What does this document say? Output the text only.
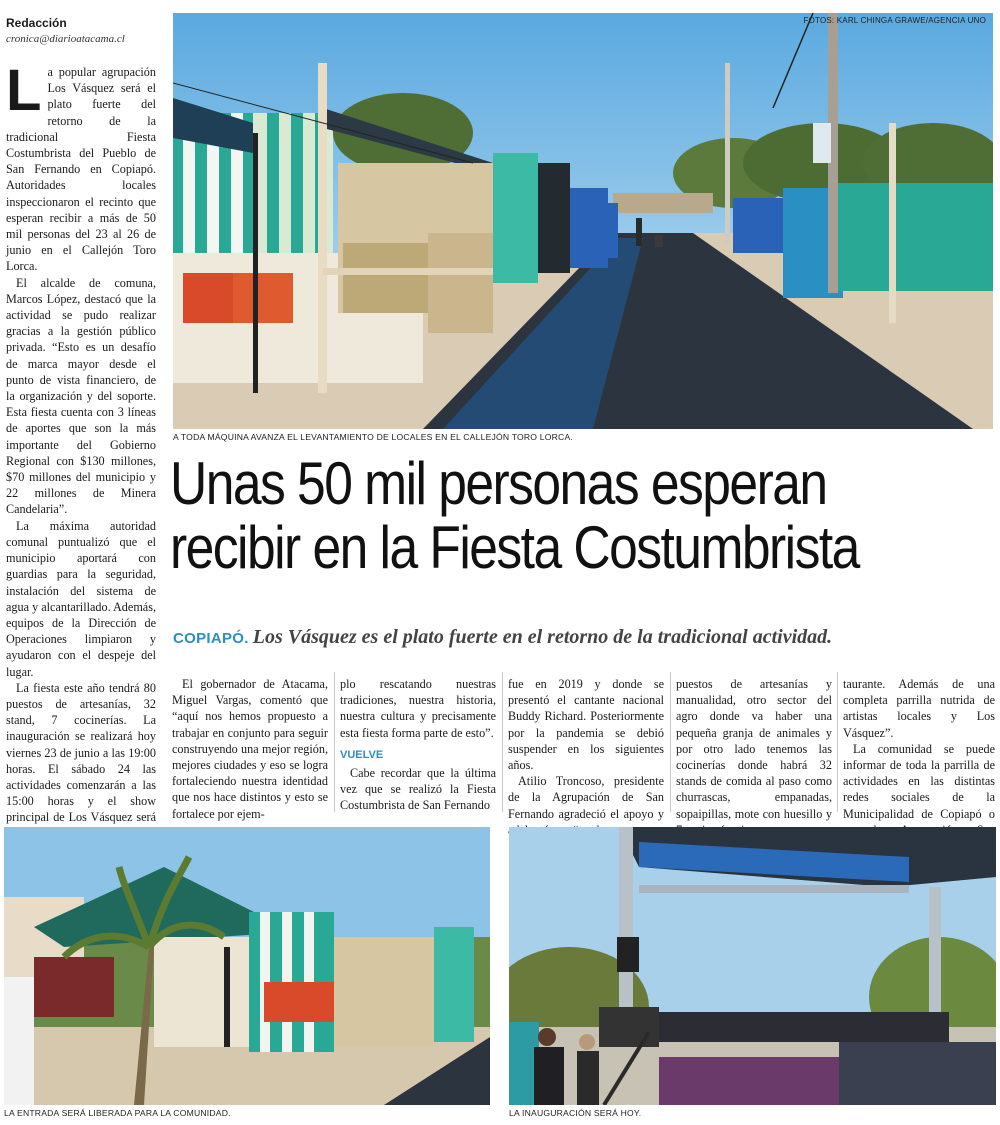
Redacción
cronica@diarioatacama.cl

La popular agrupación Los Vásquez será el plato fuerte del retorno de la tradicional Fiesta Costumbrista del Pueblo de San Fernando en Copiapó. Autoridades locales inspeccionaron el recinto que esperan recibir a más de 50 mil personas del 23 al 26 de junio en el Callejón Toro Lorca.

El alcalde de comuna, Marcos López, destacó que la actividad se pudo realizar gracias a la gestión público privada. “Esto es un desafío de marca mayor desde el punto de vista financiero, de la organización y del soporte. Esta fiesta cuenta con 3 líneas de aportes que son la más importante del Gobierno Regional con $130 millones, $70 millones del municipio y 22 millones de Minera Candelaria”.

La máxima autoridad comunal puntualizó que el municipio aportará con guardias para la seguridad, instalación del sistema de agua y alcantarillado. Además, equipos de la Dirección de Operaciones limpiaron y ayudaron con el despeje del lugar.

La fiesta este año tendrá 80 puestos de artesanías, 32 stand, 7 cocinerías. La inauguración se realizará hoy viernes 23 de junio a las 19:00 horas. El sábado 24 las actividades comenzarán a las 15:00 horas y el show principal de Los Vásquez será

FOTOS: KARL CHINGA GRAWE/AGENCIA UNO
A TODA MÁQUINA AVANZA EL LEVANTAMIENTO DE LOCALES EN EL CALLEJÓN TORO LORCA.
Unas 50 mil personas esperan
recibir en la Fiesta Costumbrista
COPIAPÓ. Los Vásquez es el plato fuerte en el retorno de la tradicional actividad.

El gobernador de Atacama, Miguel Vargas, comentó que “aquí nos hemos propuesto a trabajar en conjunto para seguir construyendo una mejor región, mejores ciudades y eso se logra fortaleciendo nuestra identidad que nos hace distintos y esto se fortalece por ejem-

plo rescatando nuestras tradiciones, nuestra historia, nuestra cultura y precisamente esta fiesta forma parte de esto”.

VUELVE

Cabe recordar que la última vez que se realizó la Fiesta Costumbrista de San Fernando

fue en 2019 y donde se presentó el cantante nacional Buddy Richard. Posteriormente por la pandemia se debió suspender en los siguientes años.

Atilio Troncoso, presidente de la Agrupación de San Fernando agradeció el apoyo y

puestos de artesanías y manualidad, otro sector del agro donde va haber una pequeña granja de animales y por otro lado tenemos las cocinerías donde habrá 32 stands de comida al paso como churrascas, empanadas, sopaipillas, mote con huesillo y

taurante. Además de una completa parrilla nutrida de artistas locales y Los Vásquez”.

La comunidad se puede informar de toda la parrilla de actividades en las distintas redes sociales de la Municipalidad de Copiapó o

LA ENTRADA SERÁ LIBERADA PARA LA COMUNIDAD.	LA INAUGURACIÓN SERÁ HOY.
